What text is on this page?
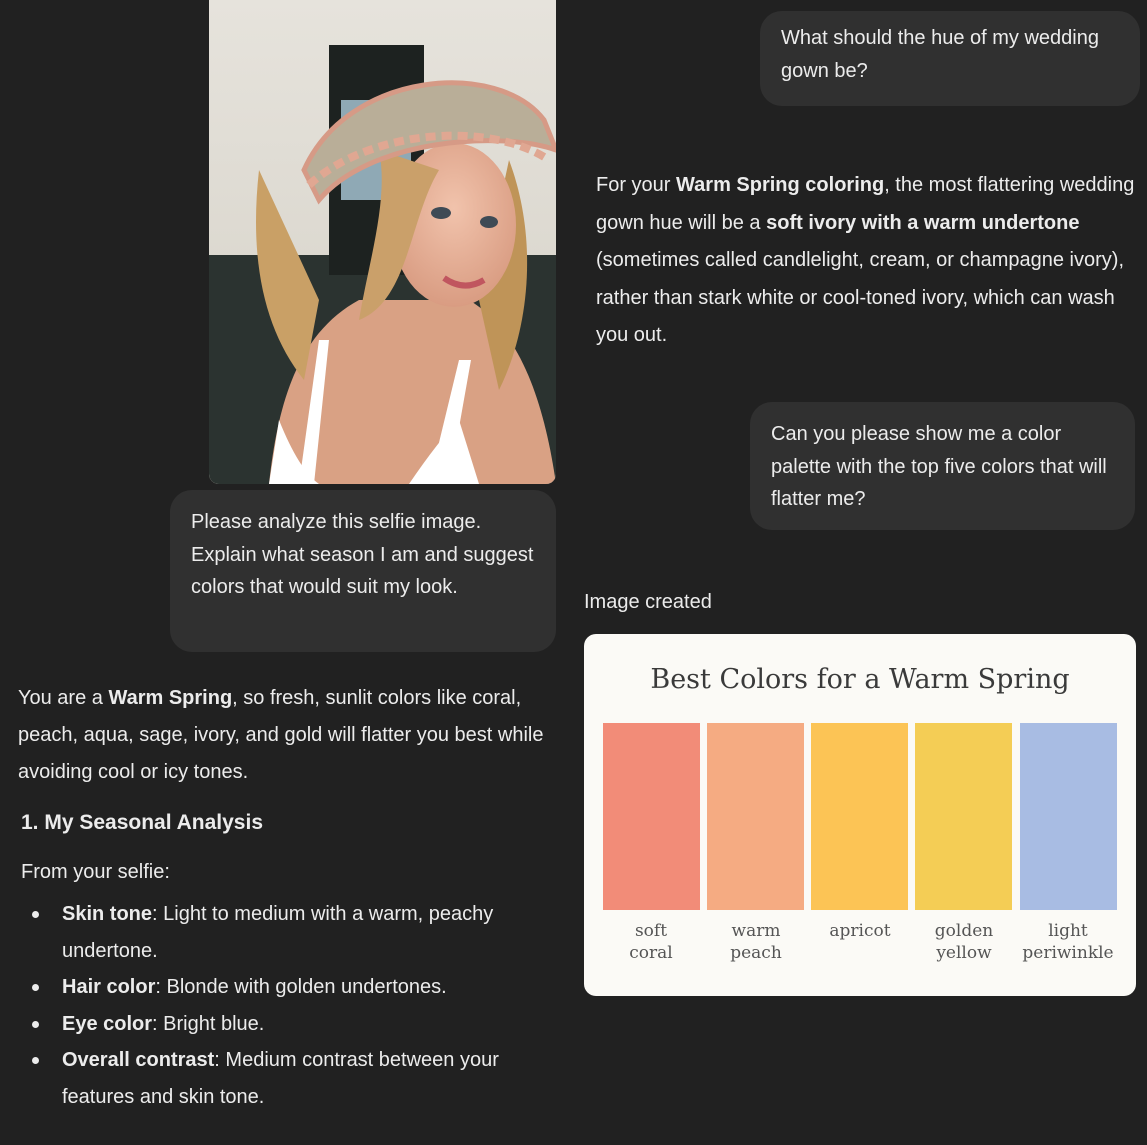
What should the hue of my wedding gown be?
For your Warm Spring coloring, the most flattering wedding gown hue will be a soft ivory with a warm undertone (sometimes called candlelight, cream, or champagne ivory), rather than stark white or cool-toned ivory, which can wash you out.
Can you please show me a color palette with the top five colors that will flatter me?
Image created
Best Colors for a Warm Spring
soft
coral
warm
peach
apricot	golden
yellow
light
periwinkle
Please analyze this selfie image. Explain what season I am and suggest colors that would suit my look.
You are a Warm Spring, so fresh, sunlit colors like coral, peach, aqua, sage, ivory, and gold will flatter you best while avoiding cool or icy tones.
1. My Seasonal Analysis
From your selfie:
Skin tone: Light to medium with a warm, peachy undertone.
Hair color: Blonde with golden undertones.
Eye color: Bright blue.
Overall contrast: Medium contrast between your features and skin tone.
